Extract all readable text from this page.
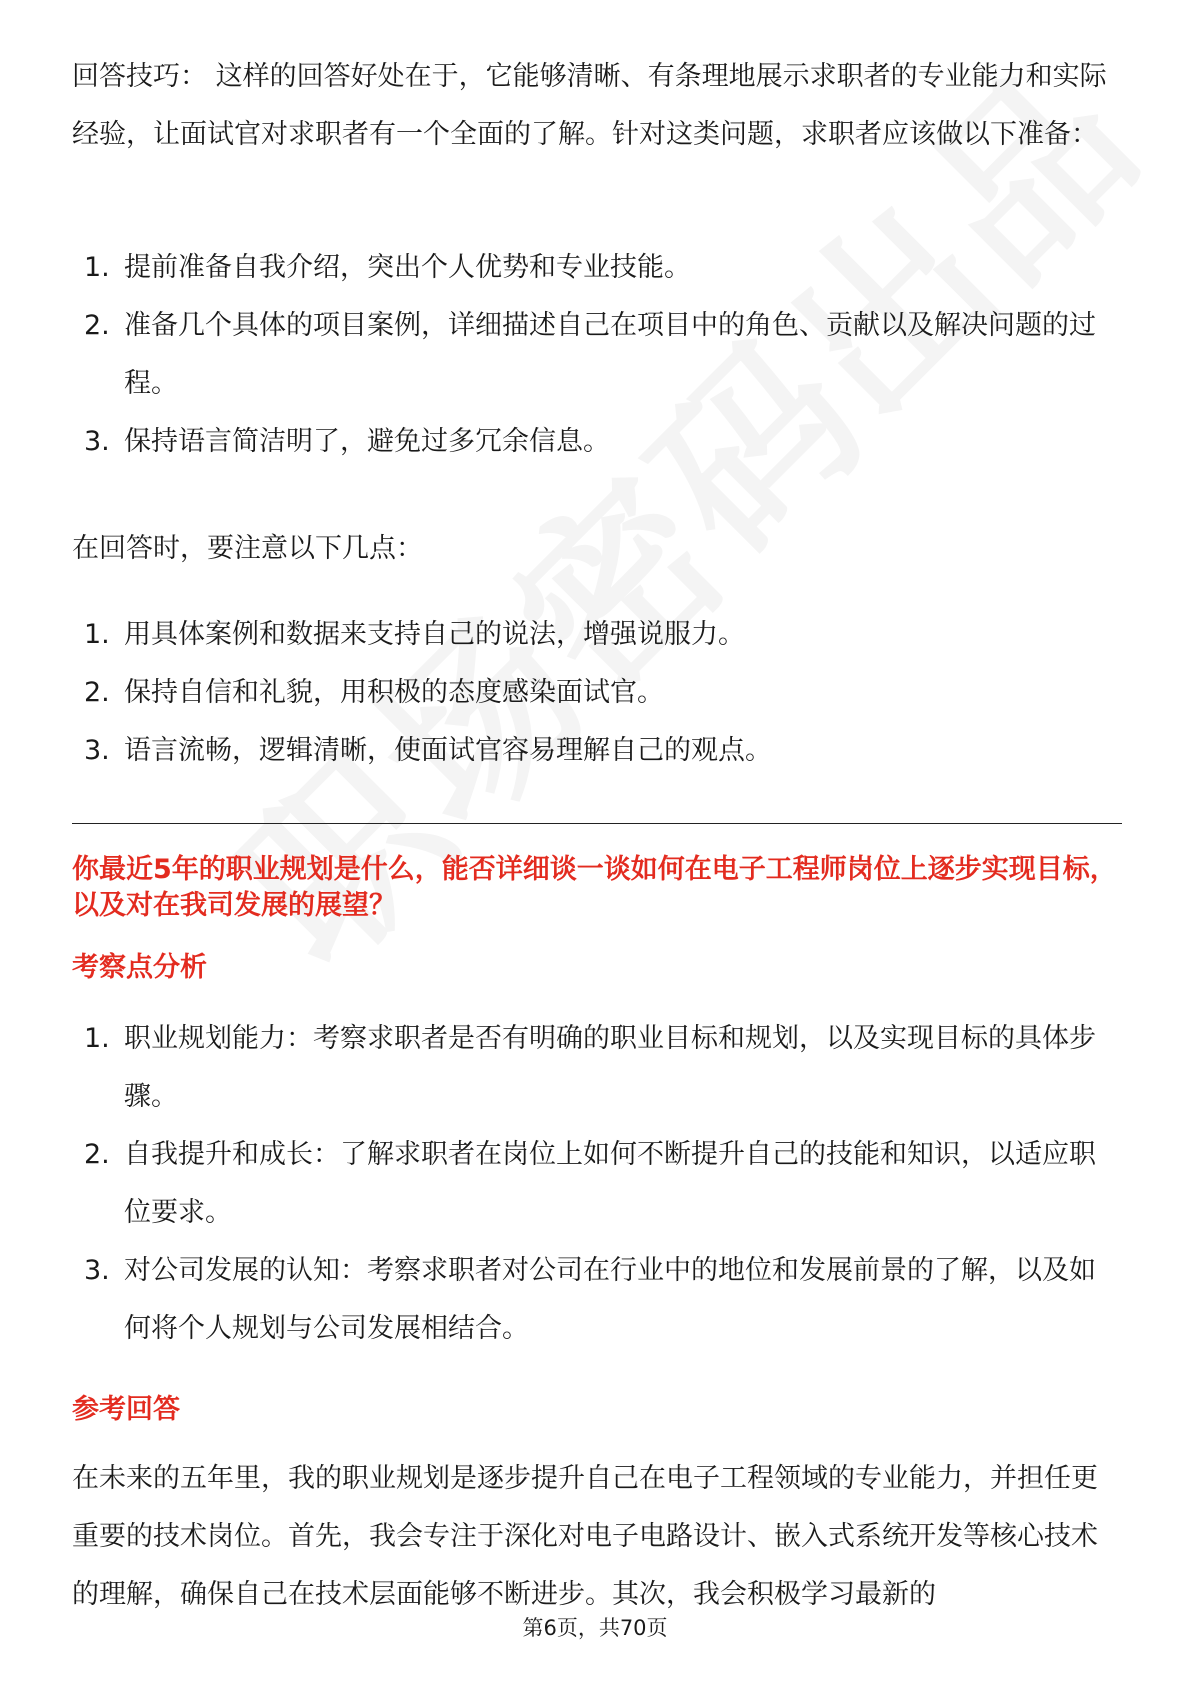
回答技巧： 这样的回答好处在于，它能够清晰、有条理地展示求职者的专业能力和实际经验，让面试官对求职者有一个全面的了解。针对这类问题，求职者应该做以下准备：

1. 提前准备自我介绍，突出个人优势和专业技能。
2. 准备几个具体的项目案例，详细描述自己在项目中的角色、贡献以及解决问题的过程。
3. 保持语言简洁明了，避免过多冗余信息。

在回答时，要注意以下几点：

1. 用具体案例和数据来支持自己的说法，增强说服力。
2. 保持自信和礼貌，用积极的态度感染面试官。
3. 语言流畅，逻辑清晰，使面试官容易理解自己的观点。

你最近5年的职业规划是什么，能否详细谈一谈如何在电子工程师岗位上逐步实现目标，以及对在我司发展的展望？

考察点分析

1. 职业规划能力：考察求职者是否有明确的职业目标和规划，以及实现目标的具体步骤。
2. 自我提升和成长：了解求职者在岗位上如何不断提升自己的技能和知识，以适应职位要求。
3. 对公司发展的认知：考察求职者对公司在行业中的地位和发展前景的了解，以及如何将个人规划与公司发展相结合。

参考回答

在未来的五年里，我的职业规划是逐步提升自己在电子工程领域的专业能力，并担任更重要的技术岗位。首先，我会专注于深化对电子电路设计、嵌入式系统开发等核心技术的理解，确保自己在技术层面能够不断进步。其次，我会积极学习最新的

第6页，共70页
